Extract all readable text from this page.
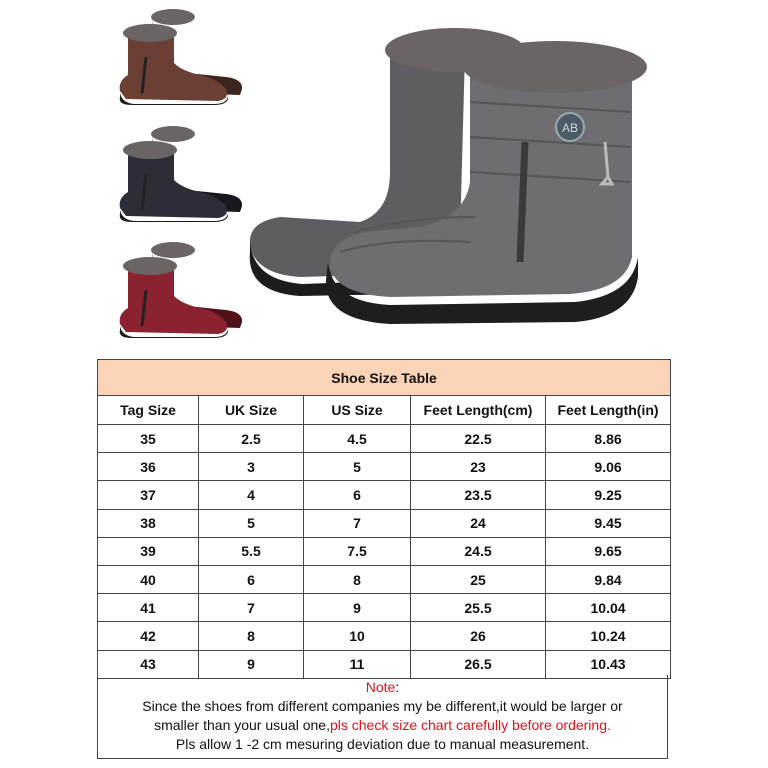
AB
Shoe Size Table				
Tag Size	UK Size	US Size	Feet Length(cm)	Feet Length(in)
35	2.5	4.5	22.5	8.86
36	3	5	23	9.06
37	4	6	23.5	9.25
38	5	7	24	9.45
39	5.5	7.5	24.5	9.65
40	6	8	25	9.84
41	7	9	25.5	10.04
42	8	10	26	10.24
43	9	11	26.5	10.43
Note:
Since the shoes from different companies my be different,it would be larger or
smaller than your usual one,pls check size chart carefully before ordering.
Pls allow 1 -2 cm mesuring deviation due to manual measurement.
